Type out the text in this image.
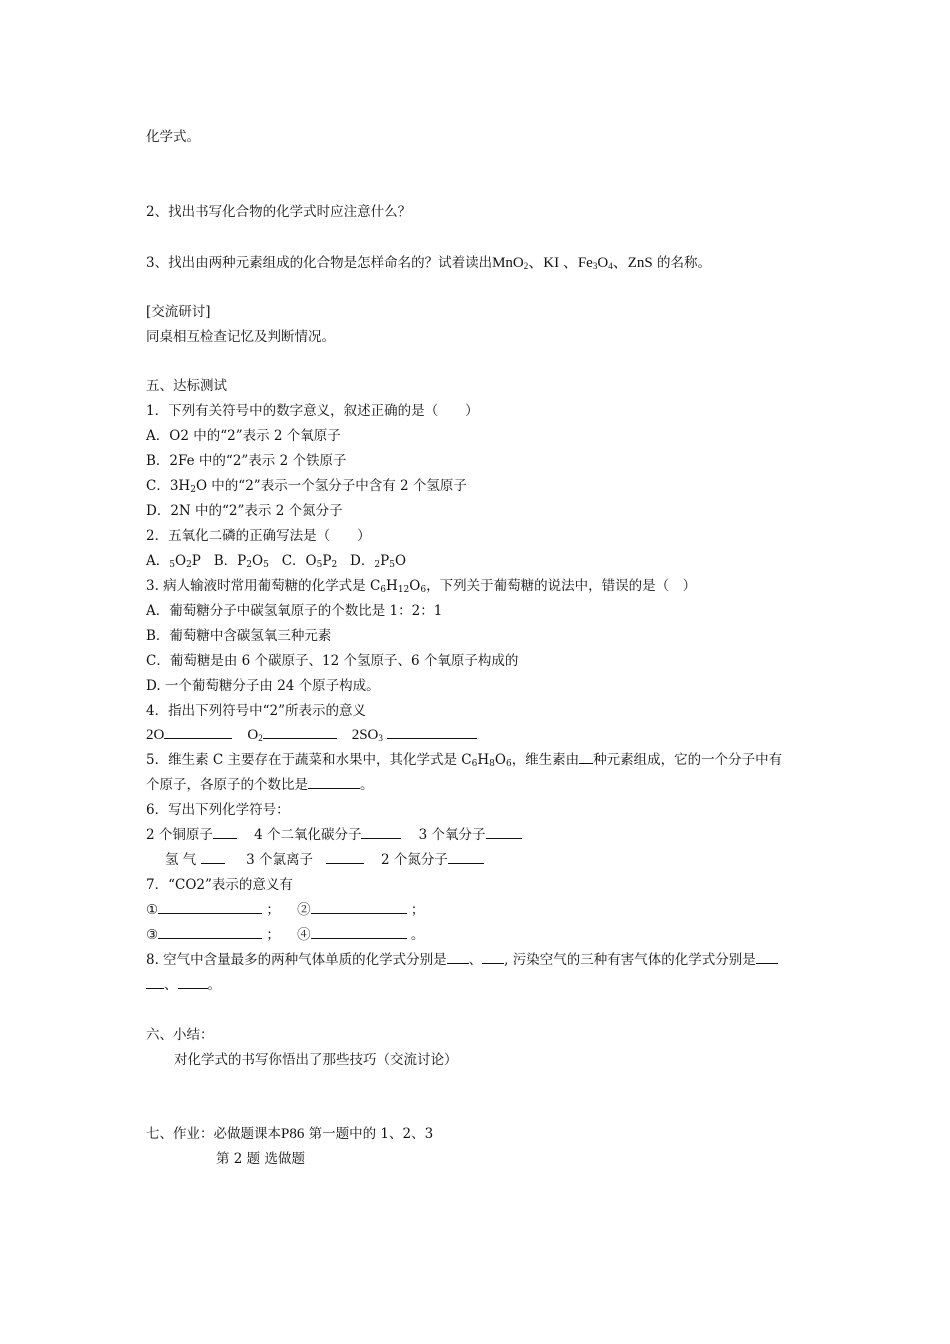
化学式。
2、找出书写化合物的化学式时应注意什么？
3、找出由两种元素组成的化合物是怎样命名的？试着读出MnO$_2$、KI 、$Fe_3O_4$、ZnS 的名称。
[交流研讨]
同桌相互检查记忆及判断情况。
五、达标测试
1．下列有关符号中的数字意义，叙述正确的是（　　）
A．O2 中的“2”表示 2 个氧原子
B．2Fe 中的“2”表示 2 个铁原子
C．$3H_2O$ 中的“2”表示一个氢分子中含有 2 个氢原子
D．2N 中的“2”表示 2 个氮分子
2．五氧化二磷的正确写法是（　　）
A．$_5O_2P$ B．$P_2O_5$ C．$O_5P_2$ D．$_2P_5O$
3. 病人输液时常用葡萄糖的化学式是 $C_6H_{12}O_6$，下列关于葡萄糖的说法中，错误的是（　）
A．葡萄糖分子中碳氢氧原子的个数比是 1：2：1
B．葡萄糖中含碳氢氧三种元素
C．葡萄糖是由 6 个碳原子、12 个氢原子、6 个氧原子构成的
D. 一个葡萄糖分子由 24 个原子构成。
4．指出下列符号中“2”所表示的意义
2O	$O_2$	$2SO_3$
5．维生素 C 主要存在于蔬菜和水果中，其化学式是 $C_6H_8O_6$，维生素由 种元素组成，它的一个分子中有
个原子，各原子的个数比是	。
6．写出下列化学符号：
2 个铜原子	4 个二氧化碳分子	3 个氧分子
氢 气	3 个氯离子	2 个氮分子
7．“CO2”表示的意义有
①	； ②	；
③	； ④	。
8. 空气中含量最多的两种气体单质的化学式分别是 、 , 污染空气的三种有害气体的化学式分别是
、 。
六、小结：
对化学式的书写你悟出了那些技巧（交流讨论）
七、作业：必做题课本P86 第一题中的 1、2、3
第 2 题 选做题
